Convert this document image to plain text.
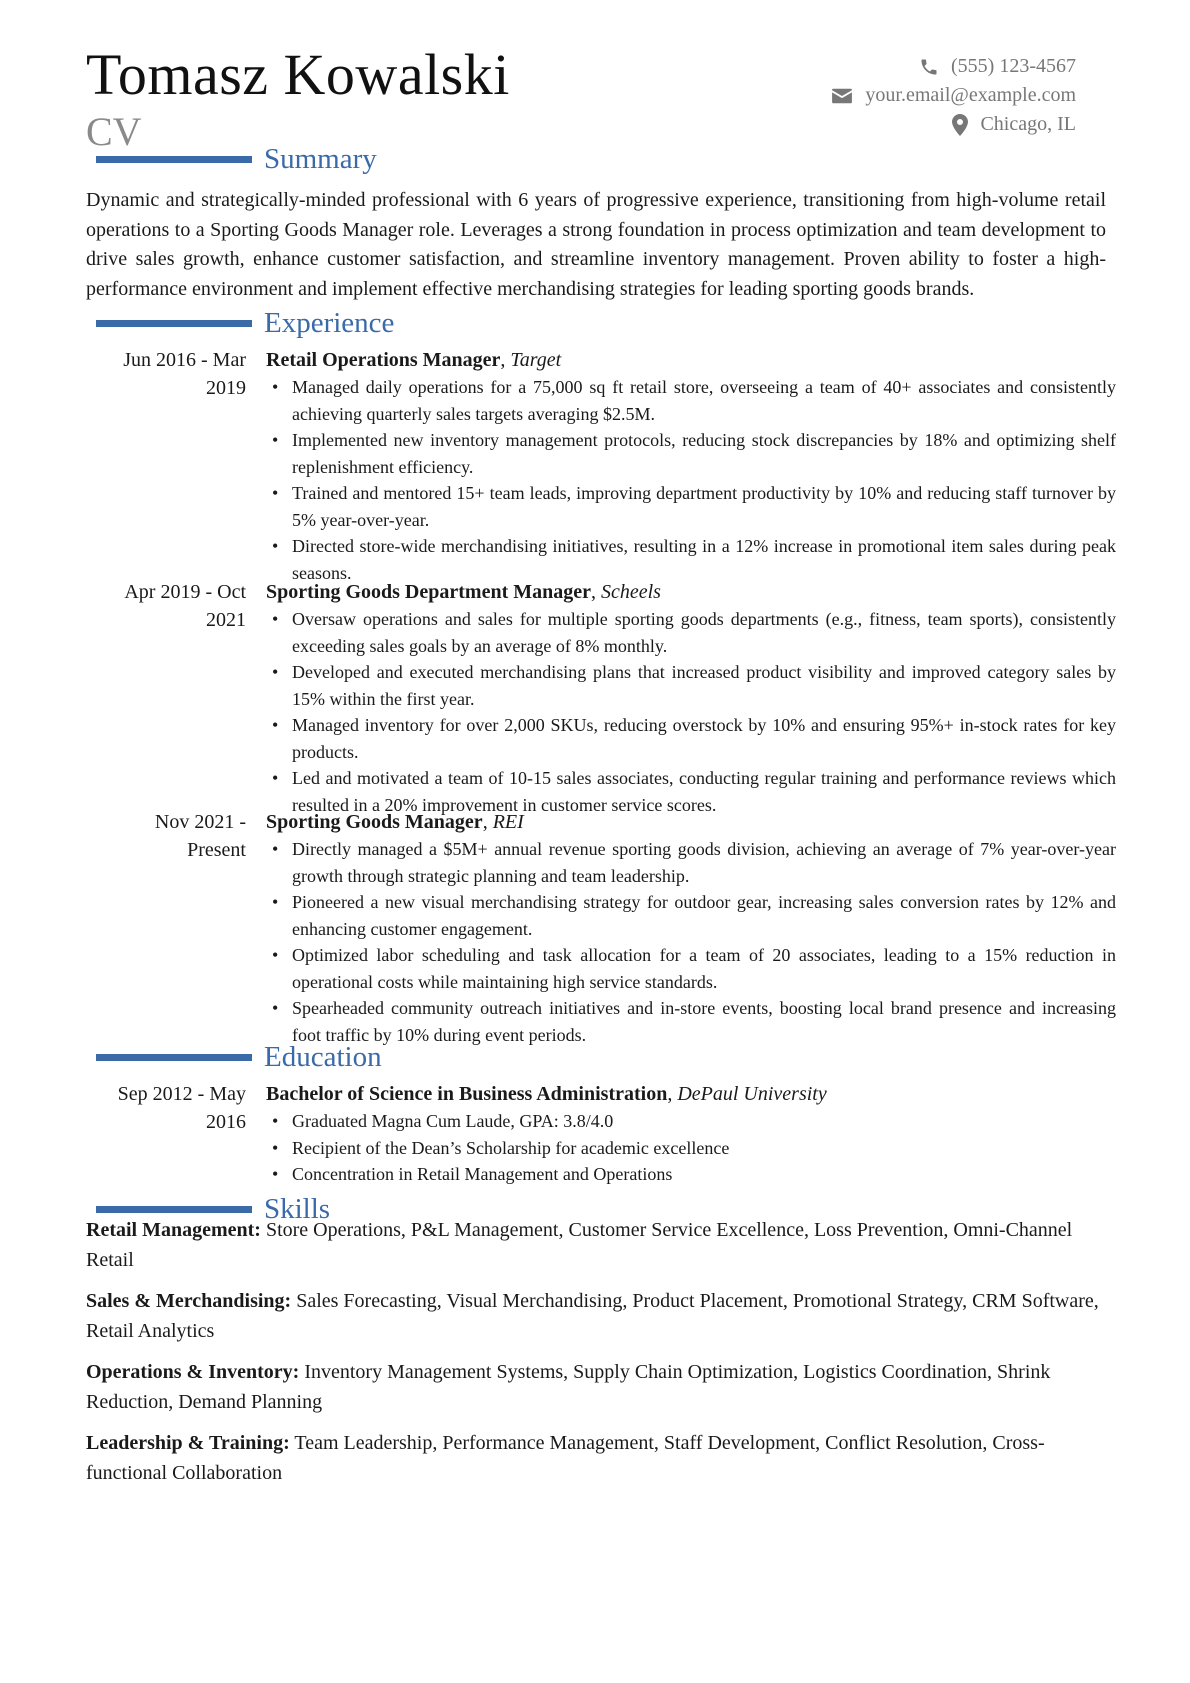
Tomasz Kowalski
CV
(555) 123-4567
your.email@example.com
Chicago, IL
Summary

Dynamic and strategically-minded professional with 6 years of progressive experience, transitioning from high-volume retail operations to a Sporting Goods Manager role. Leverages a strong foundation in process optimization and team development to drive sales growth, enhance customer satisfaction, and streamline inventory management. Proven ability to foster a high-performance environment and implement effective merchandising strategies for leading sporting goods brands.

Experience
Jun 2016 - Mar
2019
Retail Operations Manager, Target
• Managed daily operations for a 75,000 sq ft retail store, overseeing a team of 40+ associates and consistently achieving quarterly sales targets averaging $2.5M.
• Implemented new inventory management protocols, reducing stock discrepancies by 18% and optimizing shelf replenishment efficiency.
• Trained and mentored 15+ team leads, improving department productivity by 10% and reducing staff turnover by 5% year-over-year.
• Directed store-wide merchandising initiatives, resulting in a 12% increase in promotional item sales during peak seasons.
Apr 2019 - Oct
2021
Sporting Goods Department Manager, Scheels
• Oversaw operations and sales for multiple sporting goods departments (e.g., fitness, team sports), consistently exceeding sales goals by an average of 8% monthly.
• Developed and executed merchandising plans that increased product visibility and improved category sales by 15% within the first year.
• Managed inventory for over 2,000 SKUs, reducing overstock by 10% and ensuring 95%+ in-stock rates for key products.
• Led and motivated a team of 10-15 sales associates, conducting regular training and performance reviews which resulted in a 20% improvement in customer service scores.
Nov 2021 -
Present
Sporting Goods Manager, REI
• Directly managed a $5M+ annual revenue sporting goods division, achieving an average of 7% year-over-year growth through strategic planning and team leadership.
• Pioneered a new visual merchandising strategy for outdoor gear, increasing sales conversion rates by 12% and enhancing customer engagement.
• Optimized labor scheduling and task allocation for a team of 20 associates, leading to a 15% reduction in operational costs while maintaining high service standards.
• Spearheaded community outreach initiatives and in-store events, boosting local brand presence and increasing foot traffic by 10% during event periods.
Education
Sep 2012 - May
2016
Bachelor of Science in Business Administration, DePaul University
• Graduated Magna Cum Laude, GPA: 3.8/4.0
• Recipient of the Dean’s Scholarship for academic excellence
• Concentration in Retail Management and Operations
Skills

Retail Management: Store Operations, P&L Management, Customer Service Excellence, Loss Prevention, Omni-Channel Retail

Sales & Merchandising: Sales Forecasting, Visual Merchandising, Product Placement, Promotional Strategy, CRM Software, Retail Analytics

Operations & Inventory: Inventory Management Systems, Supply Chain Optimization, Logistics Coordination, Shrink Reduction, Demand Planning

Leadership & Training: Team Leadership, Performance Management, Staff Development, Conflict Resolution, Cross-functional Collaboration
